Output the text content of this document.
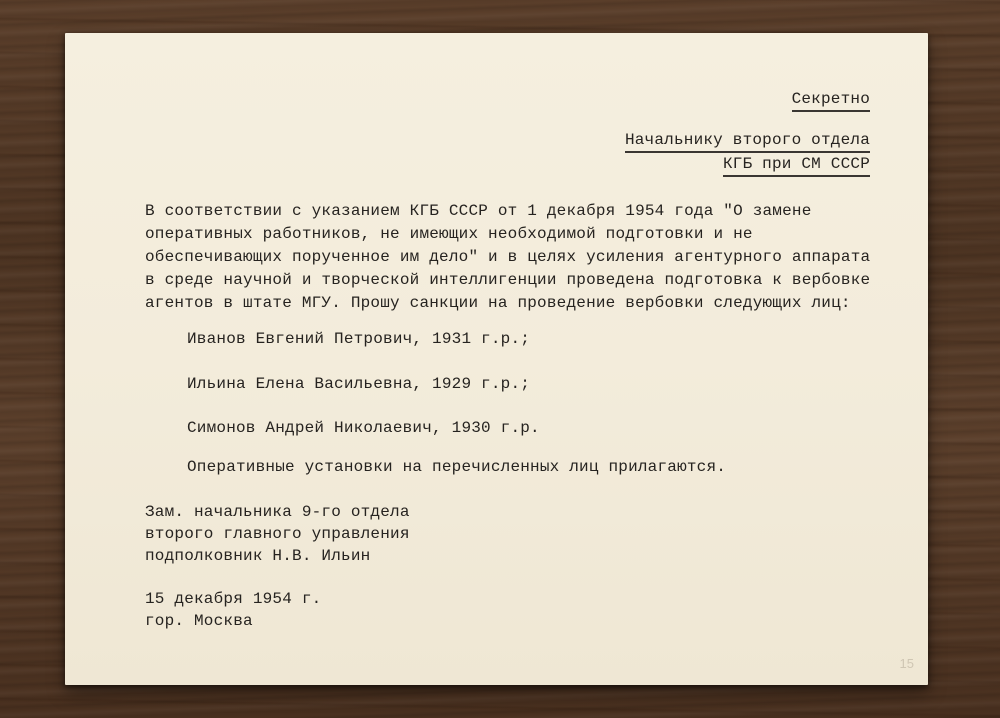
Секретно
Начальнику второго отдела
КГБ при СМ СССР
В соответствии с указанием КГБ СССР от 1 декабря 1954 года "О замене
оперативных работников, не имеющих необходимой подготовки и не
обеспечивающих порученное им дело" и в целях усиления агентурного аппарата
в среде научной и творческой интеллигенции проведена подготовка к вербовке
агентов в штате МГУ. Прошу санкции на проведение вербовки следующих лиц:
Иванов Евгений Петрович, 1931 г.р.;
Ильина Елена Васильевна, 1929 г.р.;
Симонов Андрей Николаевич, 1930 г.р.
Оперативные установки на перечисленных лиц прилагаются.
Зам. начальника 9-го отдела
второго главного управления
подполковник Н.В. Ильин
15 декабря 1954 г.
гор. Москва
15
